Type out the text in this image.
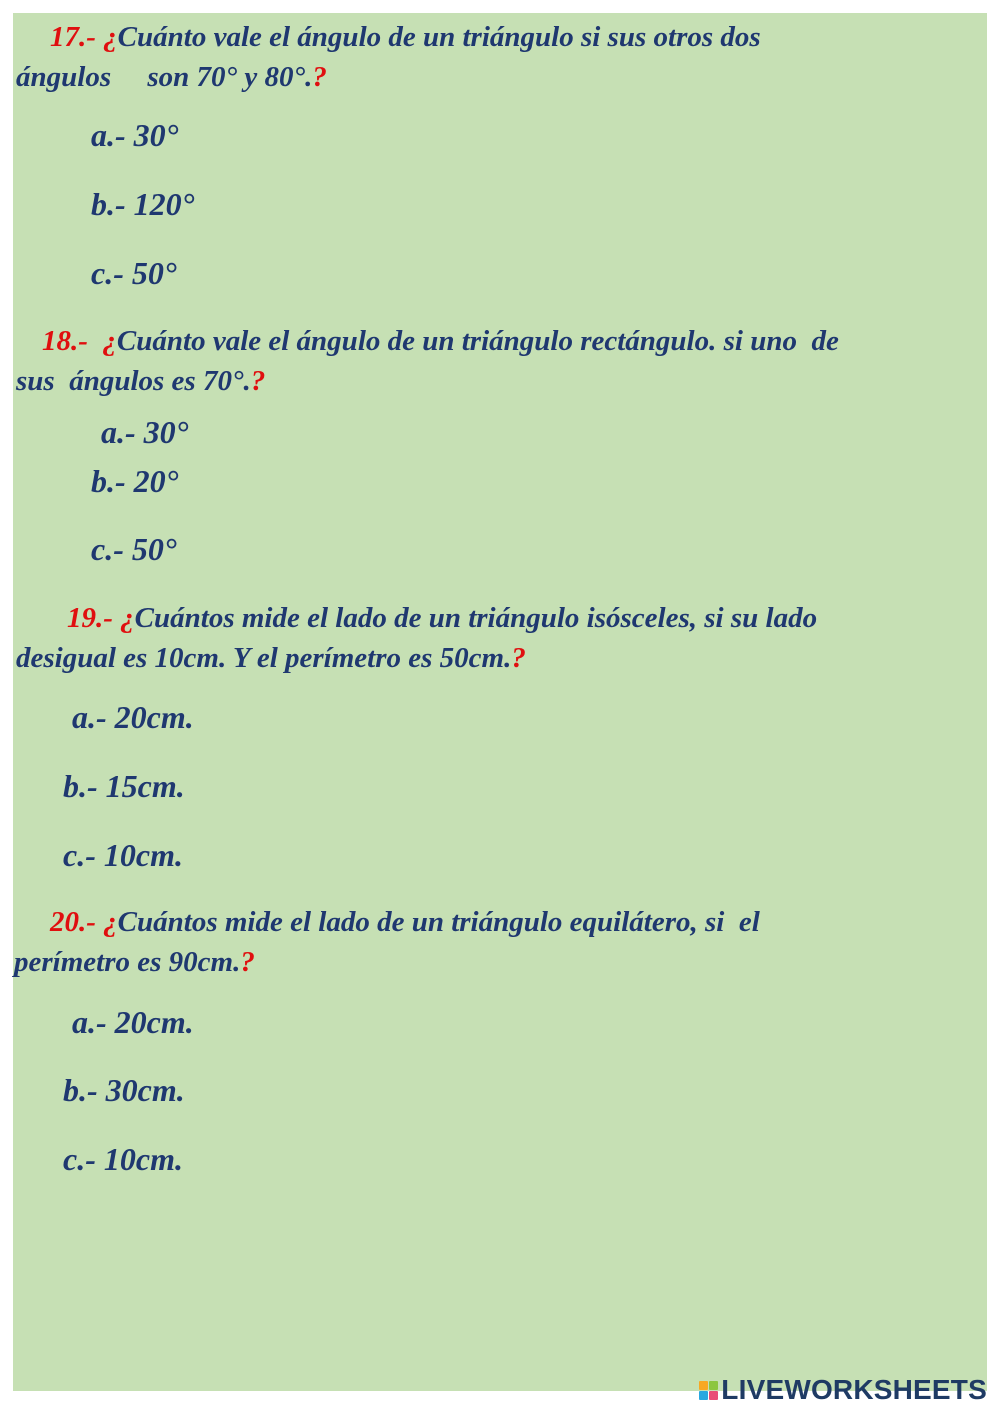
17.- ¿Cuánto vale el ángulo de un triángulo si sus otros dos
ángulos     son 70° y 80°.?
a.- 30°
b.- 120°
c.- 50°
18.- ¿Cuánto vale el ángulo de un triángulo rectángulo. si uno  de
sus  ángulos es 70°.?
a.- 30°
b.- 20°
c.- 50°
19.- ¿Cuántos mide el lado de un triángulo isósceles, si su lado
desigual es 10cm. Y el perímetro es 50cm.?
a.- 20cm.
b.- 15cm.
c.- 10cm.
20.- ¿Cuántos mide el lado de un triángulo equilátero, si  el
perímetro es 90cm.?
a.- 20cm.
b.- 30cm.
c.- 10cm.
LIVEWORKSHEETS
